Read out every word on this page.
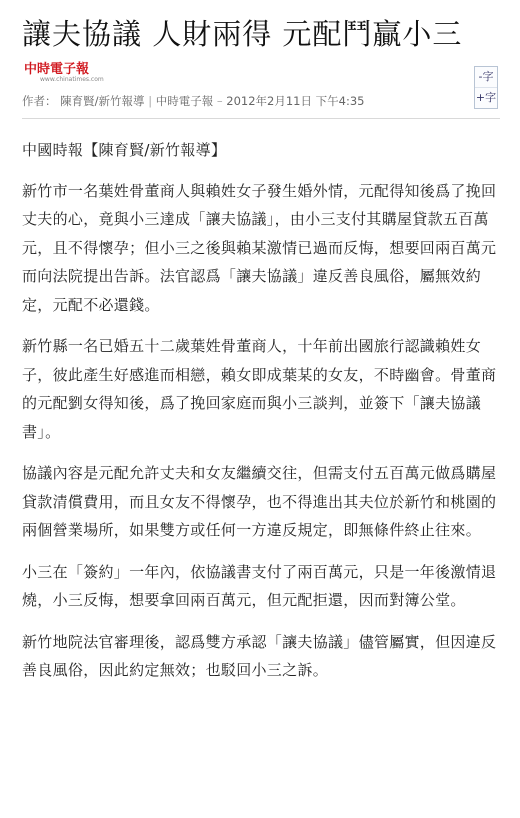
讓夫協議 人財兩得 元配鬥贏小三
中時電子報
www.chinatimes.com	-字
+字
作者： 陳育賢/新竹報導 | 中時電子報 – 2012年2月11日 下午4:35

中國時報【陳育賢/新竹報導】

新竹市一名葉姓骨董商人與賴姓女子發生婚外情，元配得知後爲了挽回丈夫的心，竟與小三達成「讓夫協議」，由小三支付其購屋貸款五百萬元，且不得懷孕；但小三之後與賴某激情已過而反悔，想要回兩百萬元而向法院提出告訴。法官認爲「讓夫協議」違反善良風俗，屬無效約定，元配不必還錢。

新竹縣一名已婚五十二歲葉姓骨董商人，十年前出國旅行認識賴姓女子，彼此產生好感進而相戀，賴女即成葉某的女友，不時幽會。骨董商的元配劉女得知後，爲了挽回家庭而與小三談判，並簽下「讓夫協議書」。

協議內容是元配允許丈夫和女友繼續交往，但需支付五百萬元做爲購屋貸款清償費用，而且女友不得懷孕，也不得進出其夫位於新竹和桃園的兩個營業場所，如果雙方或任何一方違反規定，即無條件終止往來。

小三在「簽約」一年內，依協議書支付了兩百萬元，只是一年後激情退燒，小三反悔，想要拿回兩百萬元，但元配拒還，因而對簿公堂。

新竹地院法官審理後，認爲雙方承認「讓夫協議」儘管屬實，但因違反善良風俗，因此約定無效；也駁回小三之訴。
